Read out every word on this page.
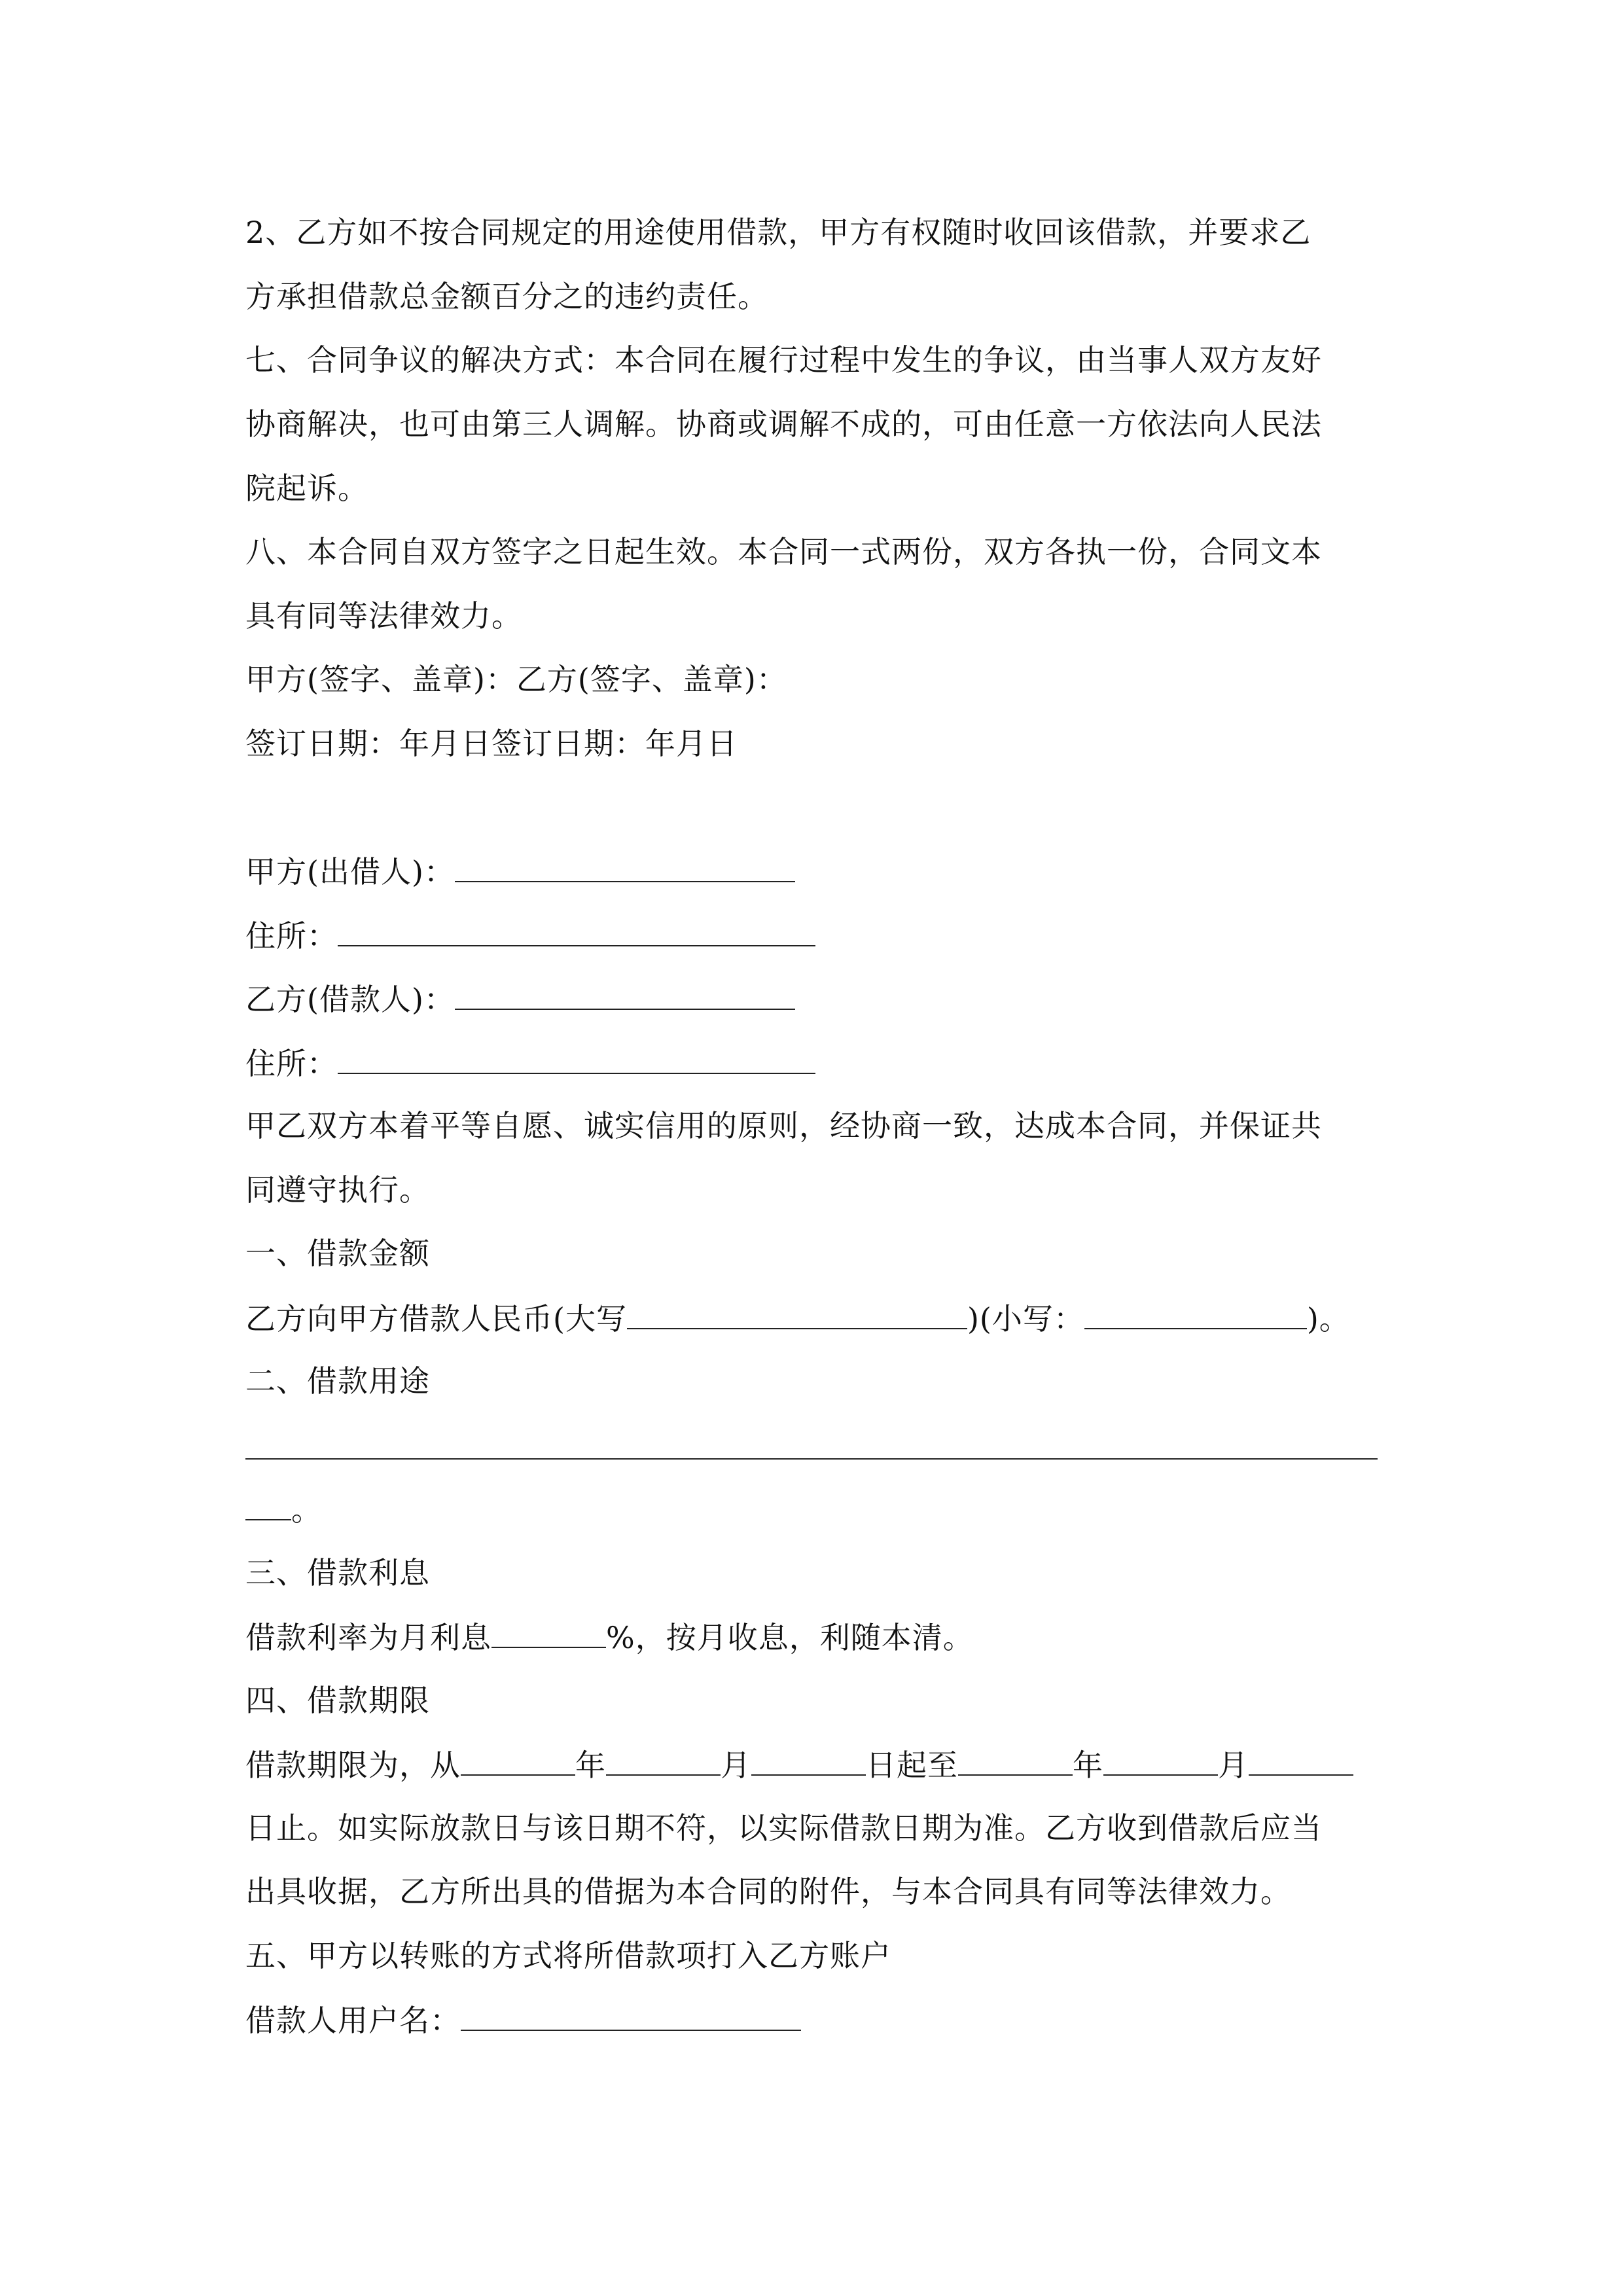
2、乙方如不按合同规定的用途使用借款，甲方有权随时收回该借款，并要求乙
方承担借款总金额百分之的违约责任。
七、合同争议的解决方式：本合同在履行过程中发生的争议，由当事人双方友好
协商解决，也可由第三人调解。协商或调解不成的，可由任意一方依法向人民法
院起诉。
八、本合同自双方签字之日起生效。本合同一式两份，双方各执一份，合同文本
具有同等法律效力。
甲方(签字、盖章)：乙方(签字、盖章)：
签订日期：年月日签订日期：年月日
甲方(出借人)：
住所：
乙方(借款人)：
住所：
甲乙双方本着平等自愿、诚实信用的原则，经协商一致，达成本合同，并保证共
同遵守执行。
一、借款金额
乙方向甲方借款人民币(大写	)(小写：	)。
二、借款用途
。
三、借款利息
借款利率为月利息	%，按月收息，利随本清。
四、借款期限
借款期限为，从	年	月	日起至	年	月
日止。如实际放款日与该日期不符，以实际借款日期为准。乙方收到借款后应当
出具收据，乙方所出具的借据为本合同的附件，与本合同具有同等法律效力。
五、甲方以转账的方式将所借款项打入乙方账户
借款人用户名：
